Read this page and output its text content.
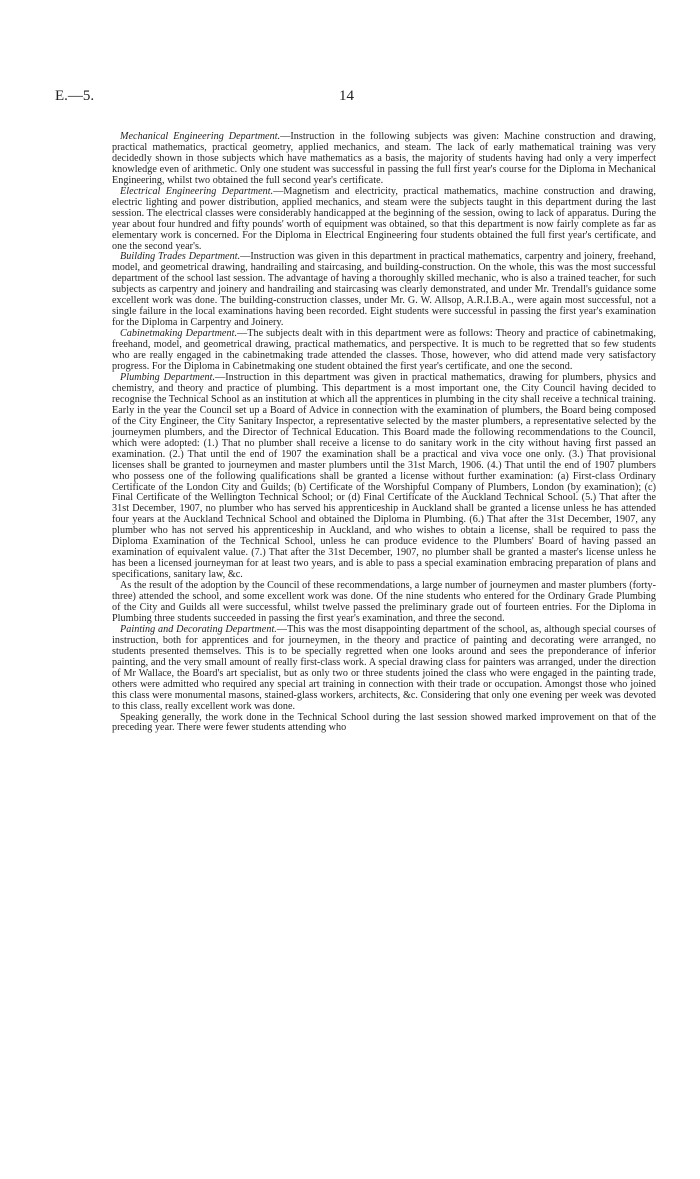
E.—5.	14

Mechanical Engineering Department.—Instruction in the following subjects was given: Machine construction and drawing, practical mathematics, practical geometry, applied mechanics, and steam. The lack of early mathematical training was very decidedly shown in those subjects which have mathematics as a basis, the majority of students having had only a very imperfect knowledge even of arithmetic. Only one student was successful in passing the full first year's course for the Diploma in Mechanical Engineering, whilst two obtained the full second year's certificate.

Electrical Engineering Department.—Magnetism and electricity, practical mathematics, machine construction and drawing, electric lighting and power distribution, applied mechanics, and steam were the subjects taught in this department during the last session. The electrical classes were considerably handicapped at the beginning of the session, owing to lack of apparatus. During the year about four hundred and fifty pounds' worth of equipment was obtained, so that this department is now fairly complete as far as elementary work is concerned. For the Diploma in Electrical Engineering four students obtained the full first year's certificate, and one the second year's.

Building Trades Department.—Instruction was given in this department in practical mathematics, carpentry and joinery, freehand, model, and geometrical drawing, handrailing and staircasing, and building-construction. On the whole, this was the most successful department of the school last session. The advantage of having a thoroughly skilled mechanic, who is also a trained teacher, for such subjects as carpentry and joinery and handrailing and staircasing was clearly demonstrated, and under Mr. Trendall's guidance some excellent work was done. The building-construction classes, under Mr. G. W. Allsop, A.R.I.B.A., were again most successful, not a single failure in the local examinations having been recorded. Eight students were successful in passing the first year's examination for the Diploma in Carpentry and Joinery.

Cabinetmaking Department.—The subjects dealt with in this department were as follows: Theory and practice of cabinetmaking, freehand, model, and geometrical drawing, practical mathematics, and perspective. It is much to be regretted that so few students who are really engaged in the cabinetmaking trade attended the classes. Those, however, who did attend made very satisfactory progress. For the Diploma in Cabinetmaking one student obtained the first year's certificate, and one the second.

Plumbing Department.—Instruction in this department was given in practical mathematics, drawing for plumbers, physics and chemistry, and theory and practice of plumbing. This department is a most important one, the City Council having decided to recognise the Technical School as an institution at which all the apprentices in plumbing in the city shall receive a technical training. Early in the year the Council set up a Board of Advice in connection with the examination of plumbers, the Board being composed of the City Engineer, the City Sanitary Inspector, a representative selected by the master plumbers, a representative selected by the journeymen plumbers, and the Director of Technical Education. This Board made the following recommendations to the Council, which were adopted: (1.) That no plumber shall receive a license to do sanitary work in the city without having first passed an examination. (2.) That until the end of 1907 the examination shall be a practical and viva voce one only. (3.) That provisional licenses shall be granted to journeymen and master plumbers until the 31st March, 1906. (4.) That until the end of 1907 plumbers who possess one of the following qualifications shall be granted a license without further examination: (a) First-class Ordinary Certificate of the London City and Guilds; (b) Certificate of the Worshipful Company of Plumbers, London (by examination); (c) Final Certificate of the Wellington Technical School; or (d) Final Certificate of the Auckland Technical School. (5.) That after the 31st December, 1907, no plumber who has served his apprenticeship in Auckland shall be granted a license unless he has attended four years at the Auckland Technical School and obtained the Diploma in Plumbing. (6.) That after the 31st December, 1907, any plumber who has not served his apprenticeship in Auckland, and who wishes to obtain a license, shall be required to pass the Diploma Examination of the Technical School, unless he can produce evidence to the Plumbers' Board of having passed an examination of equivalent value. (7.) That after the 31st December, 1907, no plumber shall be granted a master's license unless he has been a licensed journeyman for at least two years, and is able to pass a special examination embracing preparation of plans and specifications, sanitary law, &c.

As the result of the adoption by the Council of these recommendations, a large number of journeymen and master plumbers (forty-three) attended the school, and some excellent work was done. Of the nine students who entered for the Ordinary Grade Plumbing of the City and Guilds all were successful, whilst twelve passed the preliminary grade out of fourteen entries. For the Diploma in Plumbing three students succeeded in passing the first year's examination, and three the second.

Painting and Decorating Department.—This was the most disappointing department of the school, as, although special courses of instruction, both for apprentices and for journeymen, in the theory and practice of painting and decorating were arranged, no students presented themselves. This is to be specially regretted when one looks around and sees the preponderance of inferior painting, and the very small amount of really first-class work. A special drawing class for painters was arranged, under the direction of Mr Wallace, the Board's art specialist, but as only two or three students joined the class who were engaged in the painting trade, others were admitted who required any special art training in connection with their trade or occupation. Amongst those who joined this class were monumental masons, stained-glass workers, architects, &c. Considering that only one evening per week was devoted to this class, really excellent work was done.

Speaking generally, the work done in the Technical School during the last session showed marked improvement on that of the preceding year. There were fewer students attending who
